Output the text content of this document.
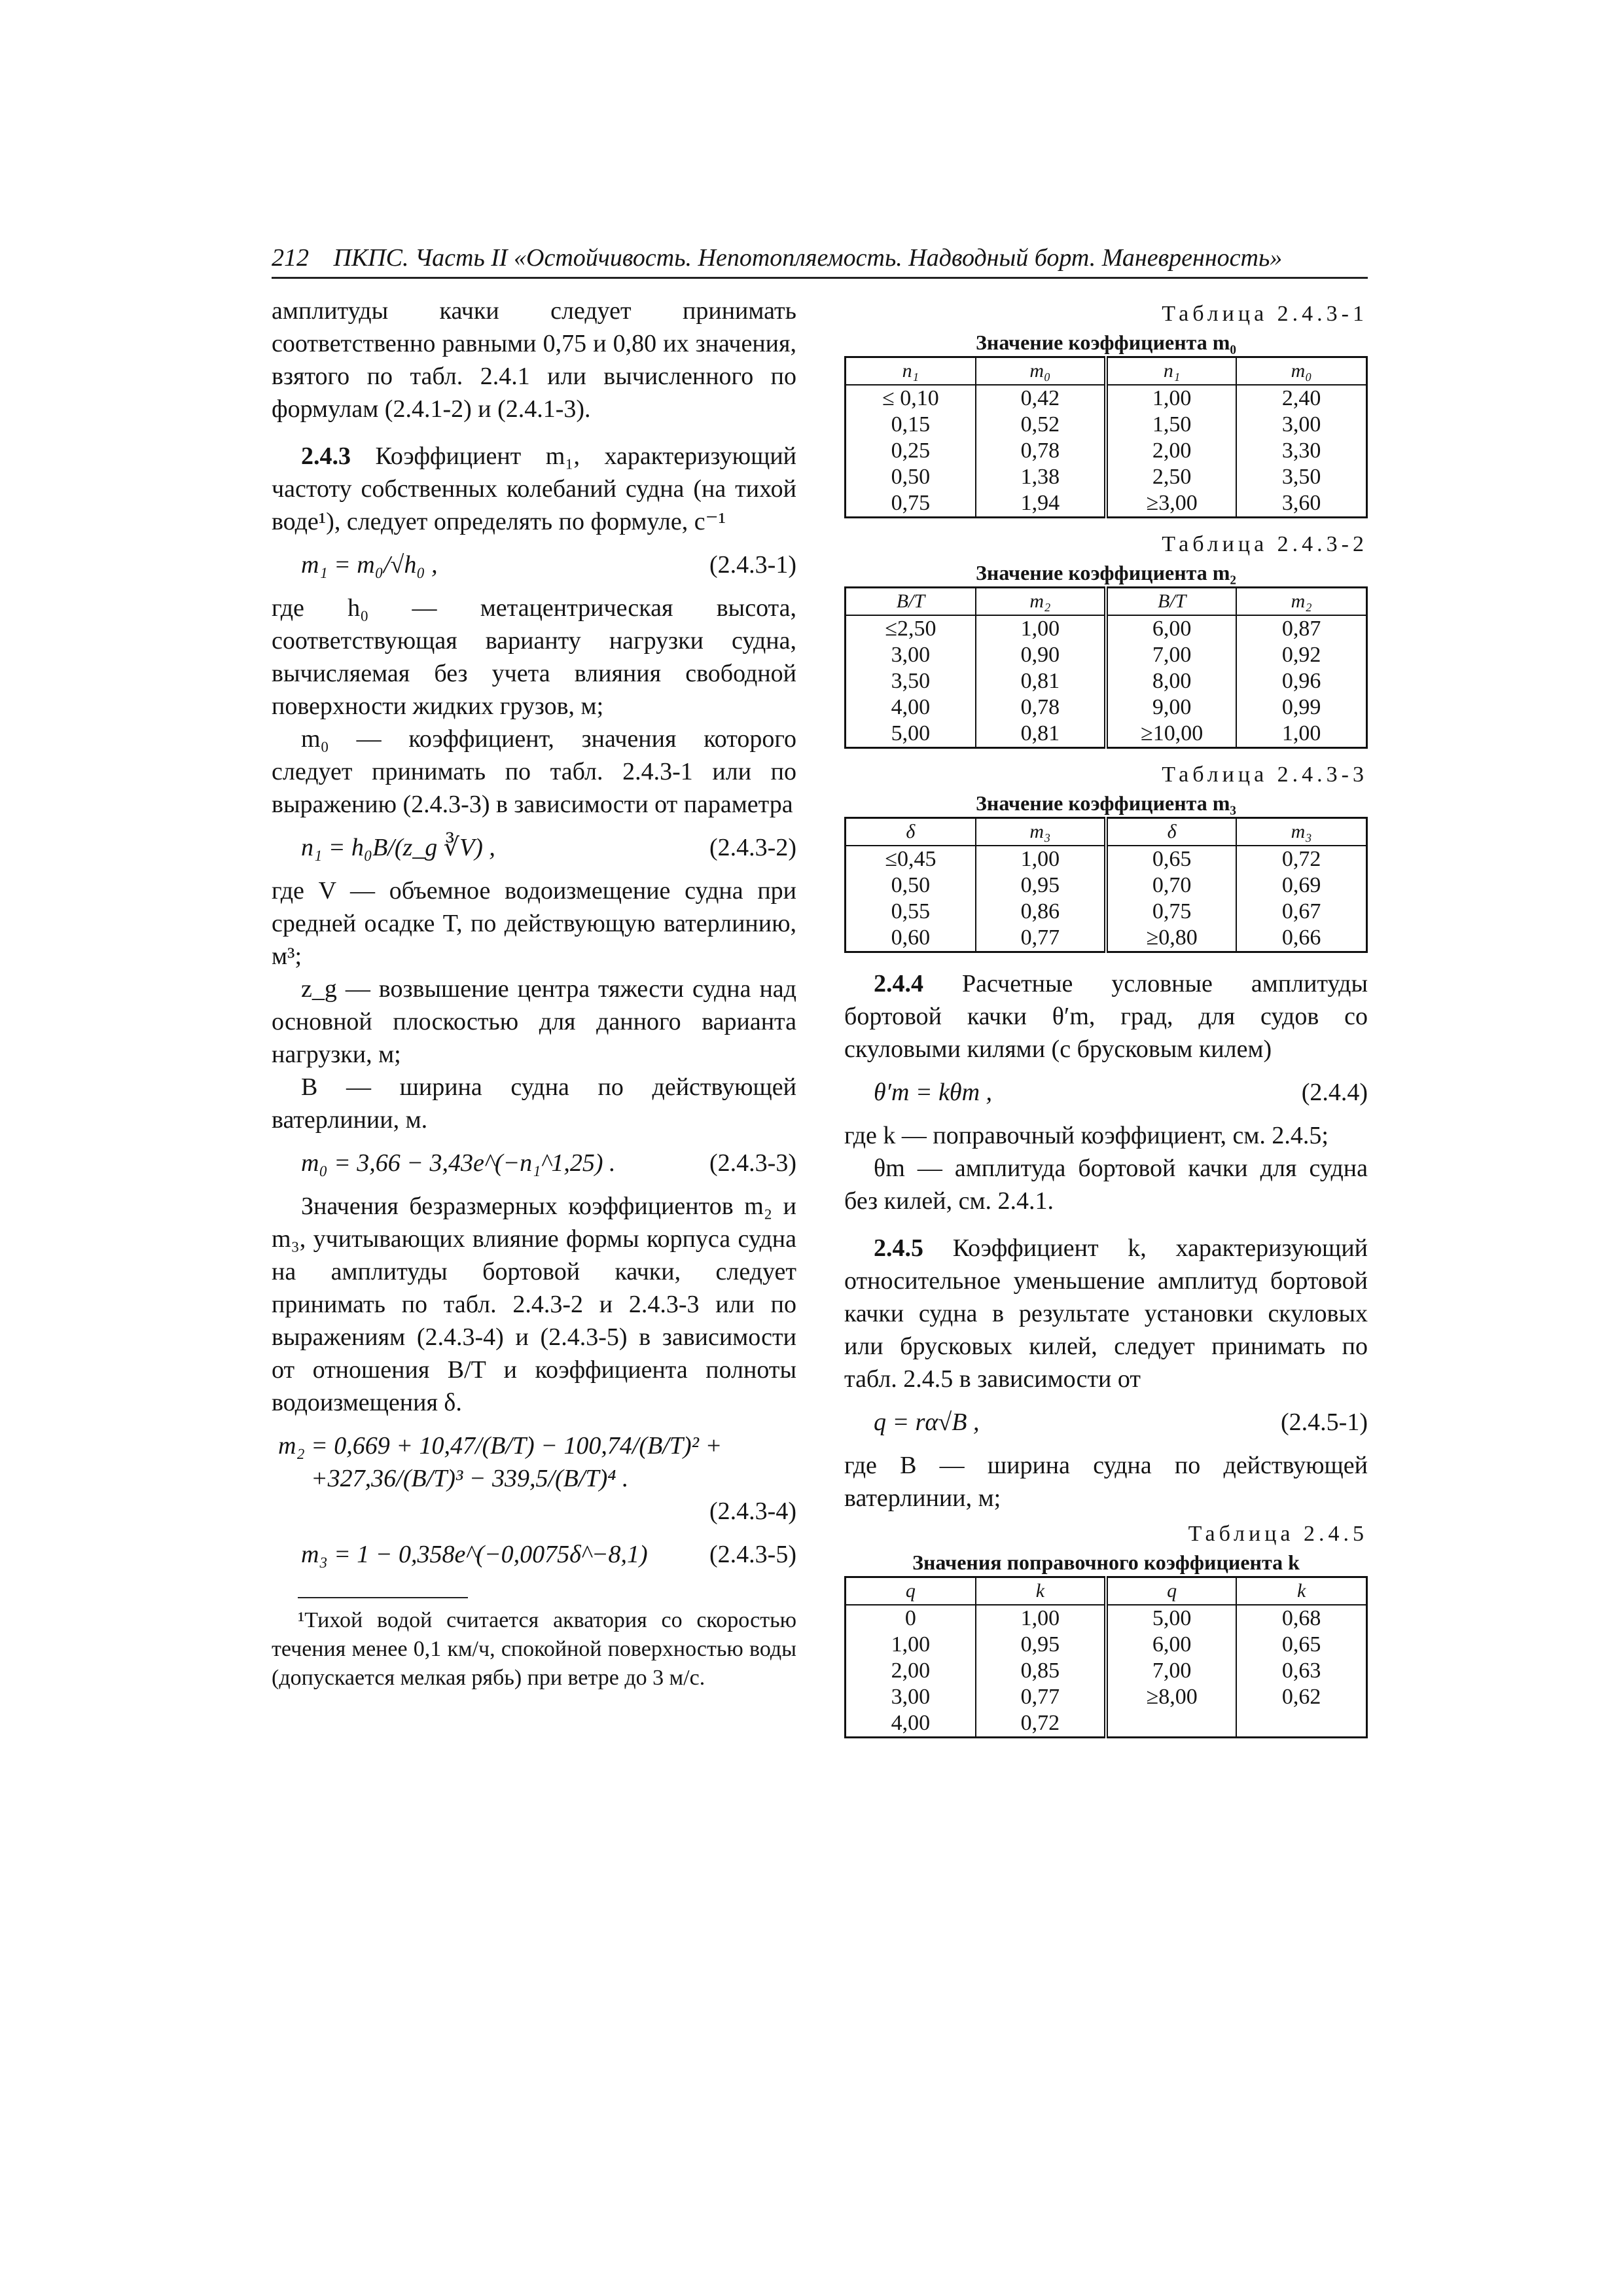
212 ПКПС. Часть II «Остойчивость. Непотопляемость. Надводный борт. Маневренность»

амплитуды качки следует принимать соответственно равными 0,75 и 0,80 их значения, взятого по табл. 2.4.1 или вычисленного по формулам (2.4.1-2) и (2.4.1-3).

2.4.3 Коэффициент m₁, характеризующий частоту собственных колебаний судна (на тихой воде¹), следует определять по формуле, с⁻¹

m₁ = m₀/√h₀ ,	(2.4.3-1)

где h₀ — метацентрическая высота, соответствующая варианту нагрузки судна, вычисляемая без учета влияния свободной поверхности жидких грузов, м;

m₀ — коэффициент, значения которого следует принимать по табл. 2.4.3-1 или по выражению (2.4.3-3) в зависимости от параметра

n₁ = h₀B/(z_g ∛V) ,	(2.4.3-2)

где V — объемное водоизмещение судна при средней осадке T, по действующую ватерлинию, м³;

z_g — возвышение центра тяжести судна над основной плоскостью для данного варианта нагрузки, м;

B — ширина судна по действующей ватерлинии, м.

m₀ = 3,66 − 3,43e^(−n₁^1,25) .	(2.4.3-3)

Значения безразмерных коэффициентов m₂ и m₃, учитывающих влияние формы корпуса судна на амплитуды бортовой качки, следует принимать по табл. 2.4.3-2 и 2.4.3-3 или по выражениям (2.4.3-4) и (2.4.3-5) в зависимости от отношения B/T и коэффициента полноты водоизмещения δ.

m₂ = 0,669 + 10,47/(B/T) − 100,74/(B/T)² +
+327,36/(B/T)³ − 339,5/(B/T)⁴ .
(2.4.3-4)
m₃ = 1 − 0,358e^(−0,0075δ^−8,1) (2.4.3-5)

¹Тихой водой считается акватория со скоростью течения менее 0,1 км/ч, спокойной поверхностью воды (допускается мелкая рябь) при ветре до 3 м/с.

Таблица 2.4.3-1
Значение коэффициента m₀
n₁	m₀	n₁	m₀
≤ 0,10	0,42	1,00	2,40
0,15	0,52	1,50	3,00
0,25	0,78	2,00	3,30
0,50	1,38	2,50	3,50
0,75	1,94	≥3,00	3,60
Таблица 2.4.3-2
Значение коэффициента m₂
B/T	m₂	B/T	m₂
≤2,50	1,00	6,00	0,87
3,00	0,90	7,00	0,92
3,50	0,81	8,00	0,96
4,00	0,78	9,00	0,99
5,00	0,81	≥10,00	1,00
Таблица 2.4.3-3
Значение коэффициента m₃
δ	m₃	δ	m₃
≤0,45	1,00	0,65	0,72
0,50	0,95	0,70	0,69
0,55	0,86	0,75	0,67
0,60	0,77	≥0,80	0,66

2.4.4 Расчетные условные амплитуды бортовой качки θ′m, град, для судов со скуловыми килями (с брусковым килем)

θ′m = kθm ,	(2.4.4)

где k — поправочный коэффициент, см. 2.4.5;

θm — амплитуда бортовой качки для судна без килей, см. 2.4.1.

2.4.5 Коэффициент k, характеризующий относительное уменьшение амплитуд бортовой качки судна в результате установки скуловых или брусковых килей, следует принимать по табл. 2.4.5 в зависимости от

q = rα√B ,	(2.4.5-1)

где B — ширина судна по действующей ватерлинии, м;

Таблица 2.4.5
Значения поправочного коэффициента k
q	k	q	k
0	1,00	5,00	0,68
1,00	0,95	6,00	0,65
2,00	0,85	7,00	0,63
3,00	0,77	≥8,00	0,62
4,00	0,72		
